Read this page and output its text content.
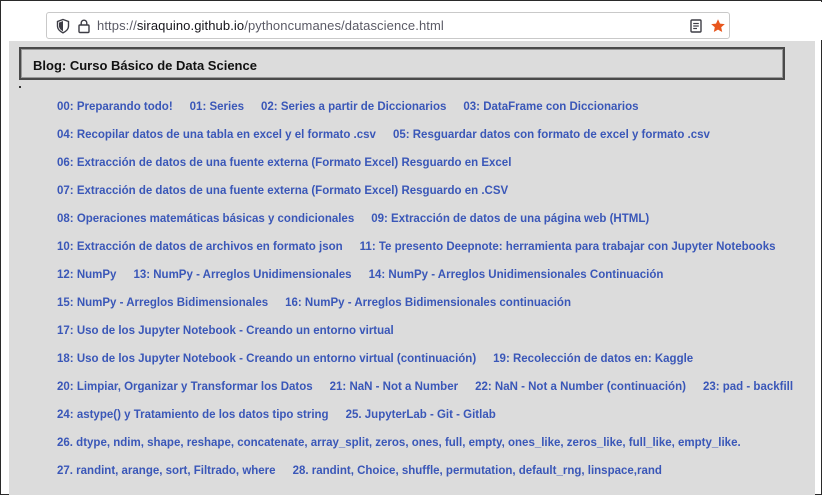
https://siraquino.github.io/pythoncumanes/datascience.html
Blog: Curso Básico de Data Science
00: Preparando todo! 01: Series 02: Series a partir de Diccionarios 03: DataFrame con Diccionarios
04: Recopilar datos de una tabla en excel y el formato .csv 05: Resguardar datos con formato de excel y formato .csv
06: Extracción de datos de una fuente externa (Formato Excel) Resguardo en Excel
07: Extracción de datos de una fuente externa (Formato Excel) Resguardo en .CSV
08: Operaciones matemáticas básicas y condicionales 09: Extracción de datos de una página web (HTML)
10: Extracción de datos de archivos en formato json 11: Te presento Deepnote: herramienta para trabajar con Jupyter Notebooks
12: NumPy 13: NumPy - Arreglos Unidimensionales 14: NumPy - Arreglos Unidimensionales Continuación
15: NumPy - Arreglos Bidimensionales 16: NumPy - Arreglos Bidimensionales continuación
17: Uso de los Jupyter Notebook - Creando un entorno virtual
18: Uso de los Jupyter Notebook - Creando un entorno virtual (continuación) 19: Recolección de datos en: Kaggle
20: Limpiar, Organizar y Transformar los Datos 21: NaN - Not a Number 22: NaN - Not a Number (continuación) 23: pad - backfill
24: astype() y Tratamiento de los datos tipo string 25. JupyterLab - Git - Gitlab
26. dtype, ndim, shape, reshape, concatenate, array_split, zeros, ones, full, empty, ones_like, zeros_like, full_like, empty_like.
27. randint, arange, sort, Filtrado, where 28. randint, Choice, shuffle, permutation, default_rng, linspace,rand
